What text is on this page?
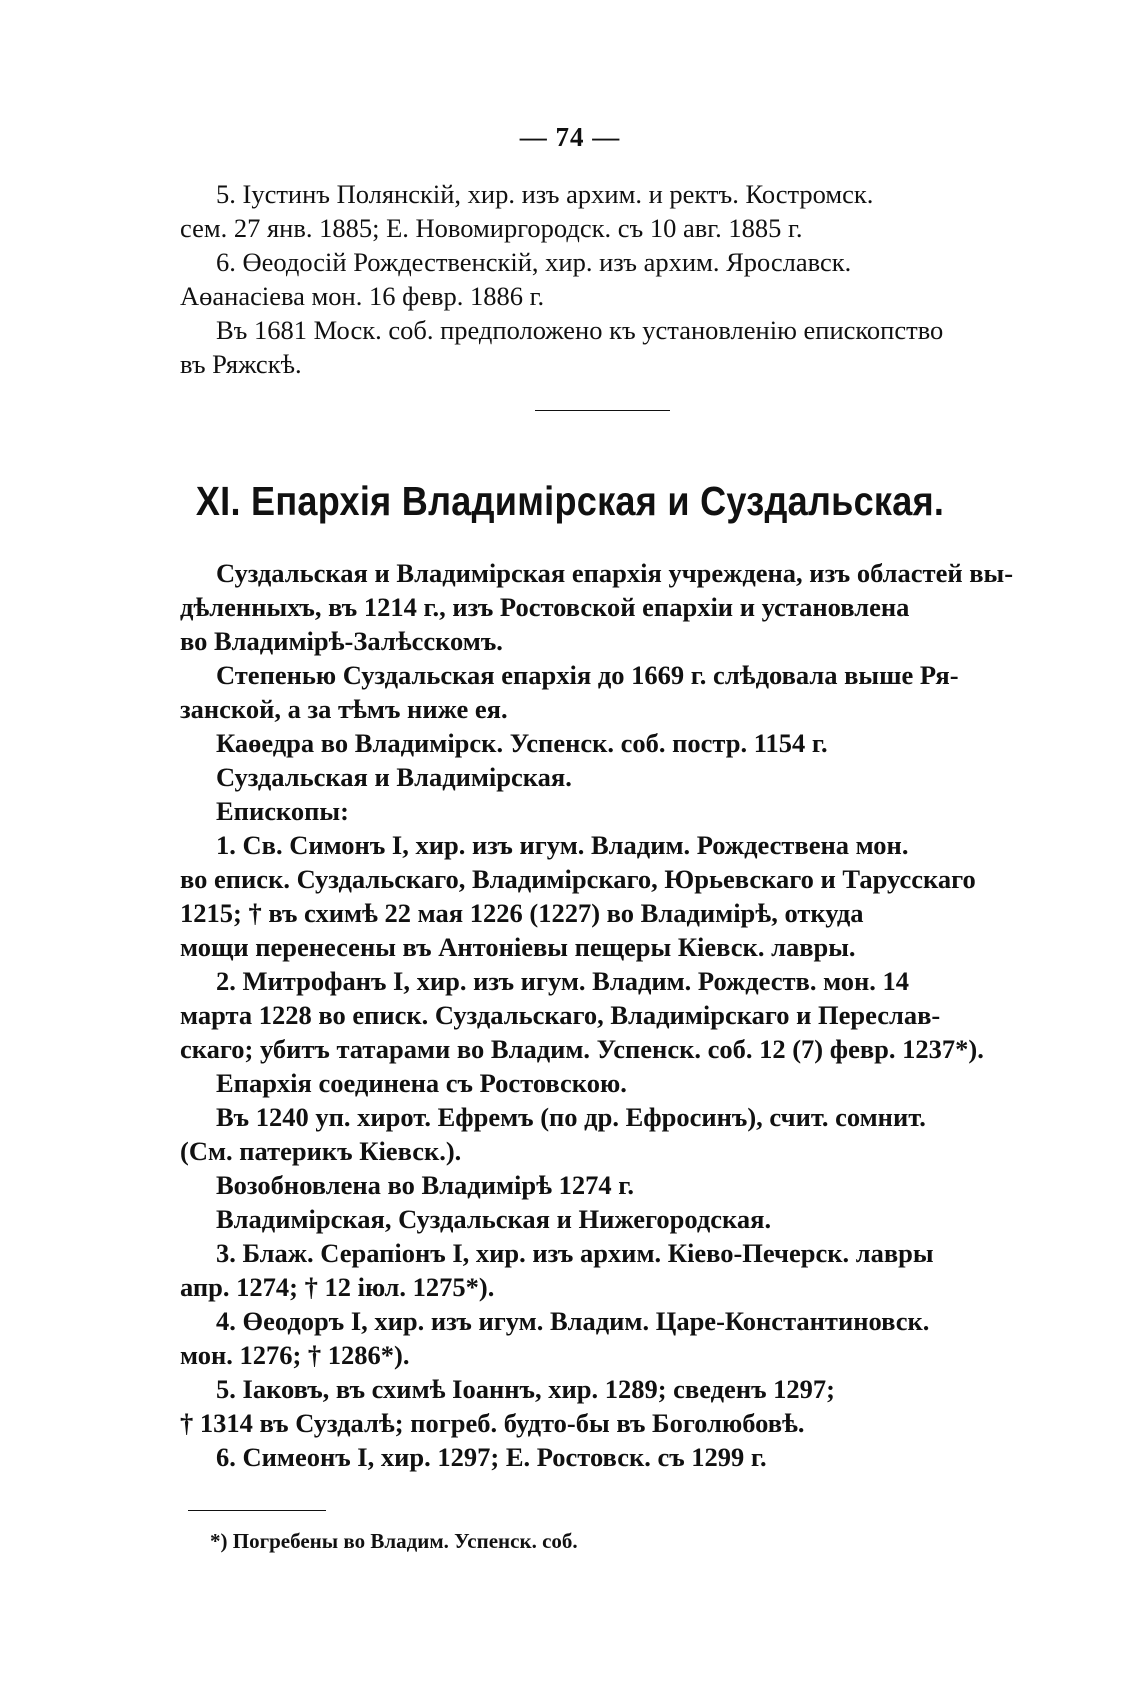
— 74 —

5. Іустинъ Полянскій, хир. изъ архим. и ректъ. Костромск.

сем. 27 янв. 1885; Е. Новомиргородск. съ 10 авг. 1885 г.

6. Өеодосій Рождественскій, хир. изъ архим. Ярославск.

Аөанасіева мон. 16 февр. 1886 г.

Въ 1681 Моск. соб. предположено къ установленію епископство

въ Ряжскѣ.

XI. Епархія Владимірская и Суздальская.

Суздальская и Владимірская епархія учреждена, изъ областей вы-

дѣленныхъ, въ 1214 г., изъ Ростовской епархіи и установлена

во Владимірѣ-Залѣсскомъ.

Степенью Суздальская епархія до 1669 г. слѣдовала выше Ря-

занской, а за тѣмъ ниже ея.

Каөедра во Владимірск. Успенск. соб. постр. 1154 г.

Суздальская и Владимірская.

Епископы:

1. Св. Симонъ I, хир. изъ игум. Владим. Рождествена мон.

во еписк. Суздальскаго, Владимірскаго, Юрьевскаго и Тарусскаго

1215; † въ схимѣ 22 мая 1226 (1227) во Владимірѣ, откуда

мощи перенесены въ Антоніевы пещеры Кіевск. лавры.

2. Митрофанъ I, хир. изъ игум. Владим. Рождеств. мон. 14

марта 1228 во еписк. Суздальскаго, Владимірскаго и Переслав-

скаго; убитъ татарами во Владим. Успенск. соб. 12 (7) февр. 1237*).

Епархія соединена съ Ростовскою.

Въ 1240 уп. хирот. Ефремъ (по др. Ефросинъ), счит. сомнит.

(См. патерикъ Кіевск.).

Возобновлена во Владимірѣ 1274 г.

Владимірская, Суздальская и Нижегородская.

3. Блаж. Серапіонъ I, хир. изъ архим. Кіево-Печерск. лавры

апр. 1274; † 12 іюл. 1275*).

4. Өеодоръ I, хир. изъ игум. Владим. Царе-Константиновск.

мон. 1276; † 1286*).

5. Іаковъ, въ схимѣ Іоаннъ, хир. 1289; сведенъ 1297;

† 1314 въ Суздалѣ; погреб. будто-бы въ Боголюбовѣ.

6. Симеонъ I, хир. 1297; Е. Ростовск. съ 1299 г.

*) Погребены во Владим. Успенск. соб.
